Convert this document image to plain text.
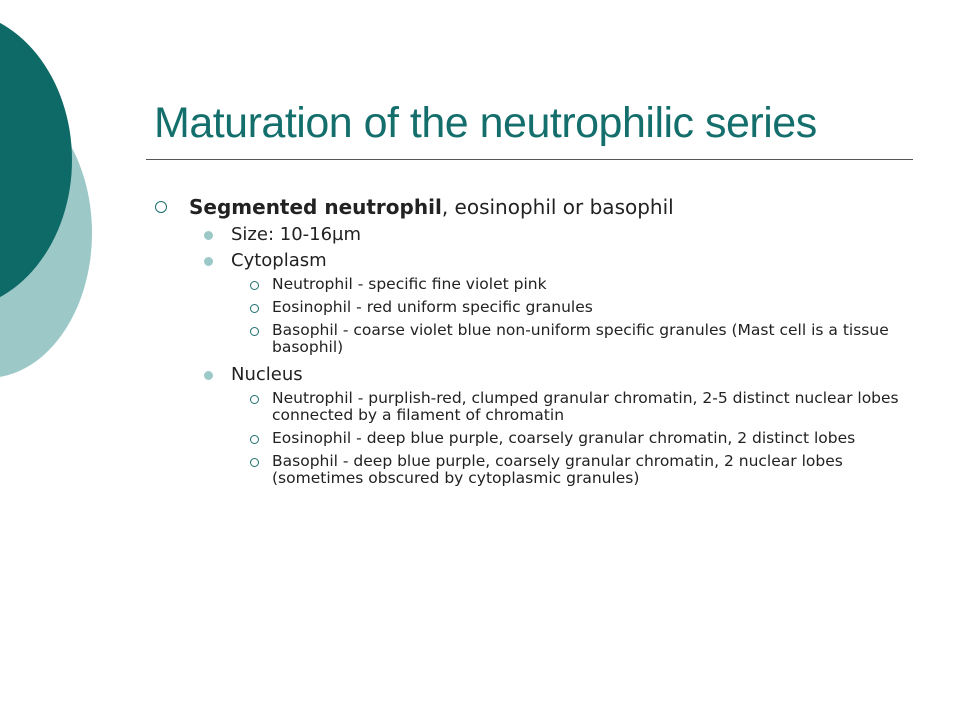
Maturation of the neutrophilic series
Segmented neutrophil, eosinophil or basophil
Size: 10-16µm
Cytoplasm
Neutrophil - specific fine violet pink
Eosinophil - red uniform specific granules
Basophil - coarse violet blue non-uniform specific granules (Mast cell is a tissue basophil)
Nucleus
Neutrophil - purplish-red, clumped granular chromatin, 2-5 distinct nuclear lobes connected by a filament of chromatin
Eosinophil - deep blue purple, coarsely granular chromatin, 2 distinct lobes
Basophil - deep blue purple, coarsely granular chromatin, 2 nuclear lobes (sometimes obscured by cytoplasmic granules)
